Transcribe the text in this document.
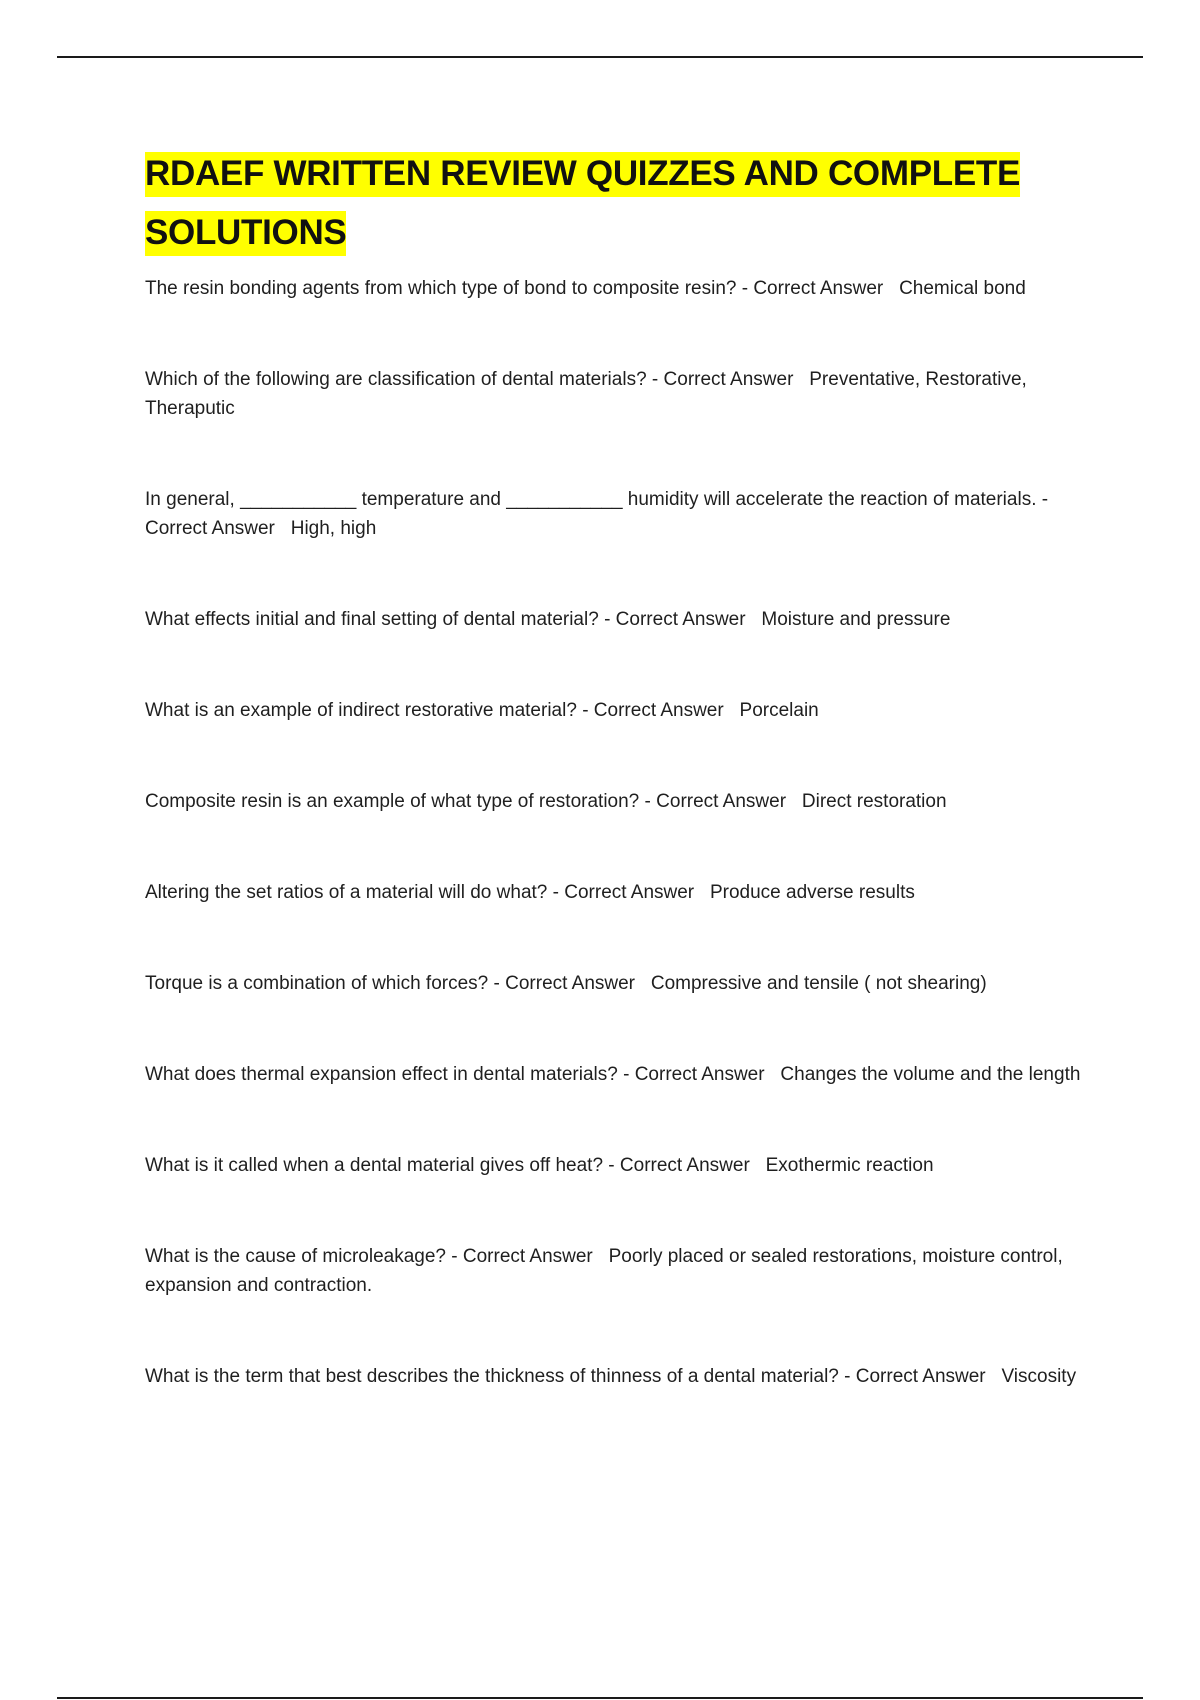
RDAEF WRITTEN REVIEW QUIZZES AND COMPLETE SOLUTIONS

The resin bonding agents from which type of bond to composite resin? - Correct Answer Chemical bond

Which of the following are classification of dental materials? - Correct Answer Preventative, Restorative, Theraputic

In general, ___________ temperature and ___________ humidity will accelerate the reaction of materials. - Correct Answer High, high

What effects initial and final setting of dental material? - Correct Answer Moisture and pressure

What is an example of indirect restorative material? - Correct Answer Porcelain

Composite resin is an example of what type of restoration? - Correct Answer Direct restoration

Altering the set ratios of a material will do what? - Correct Answer Produce adverse results

Torque is a combination of which forces? - Correct Answer Compressive and tensile ( not shearing)

What does thermal expansion effect in dental materials? - Correct Answer Changes the volume and the length

What is it called when a dental material gives off heat? - Correct Answer Exothermic reaction

What is the cause of microleakage? - Correct Answer Poorly placed or sealed restorations, moisture control, expansion and contraction.

What is the term that best describes the thickness of thinness of a dental material? - Correct Answer Viscosity
